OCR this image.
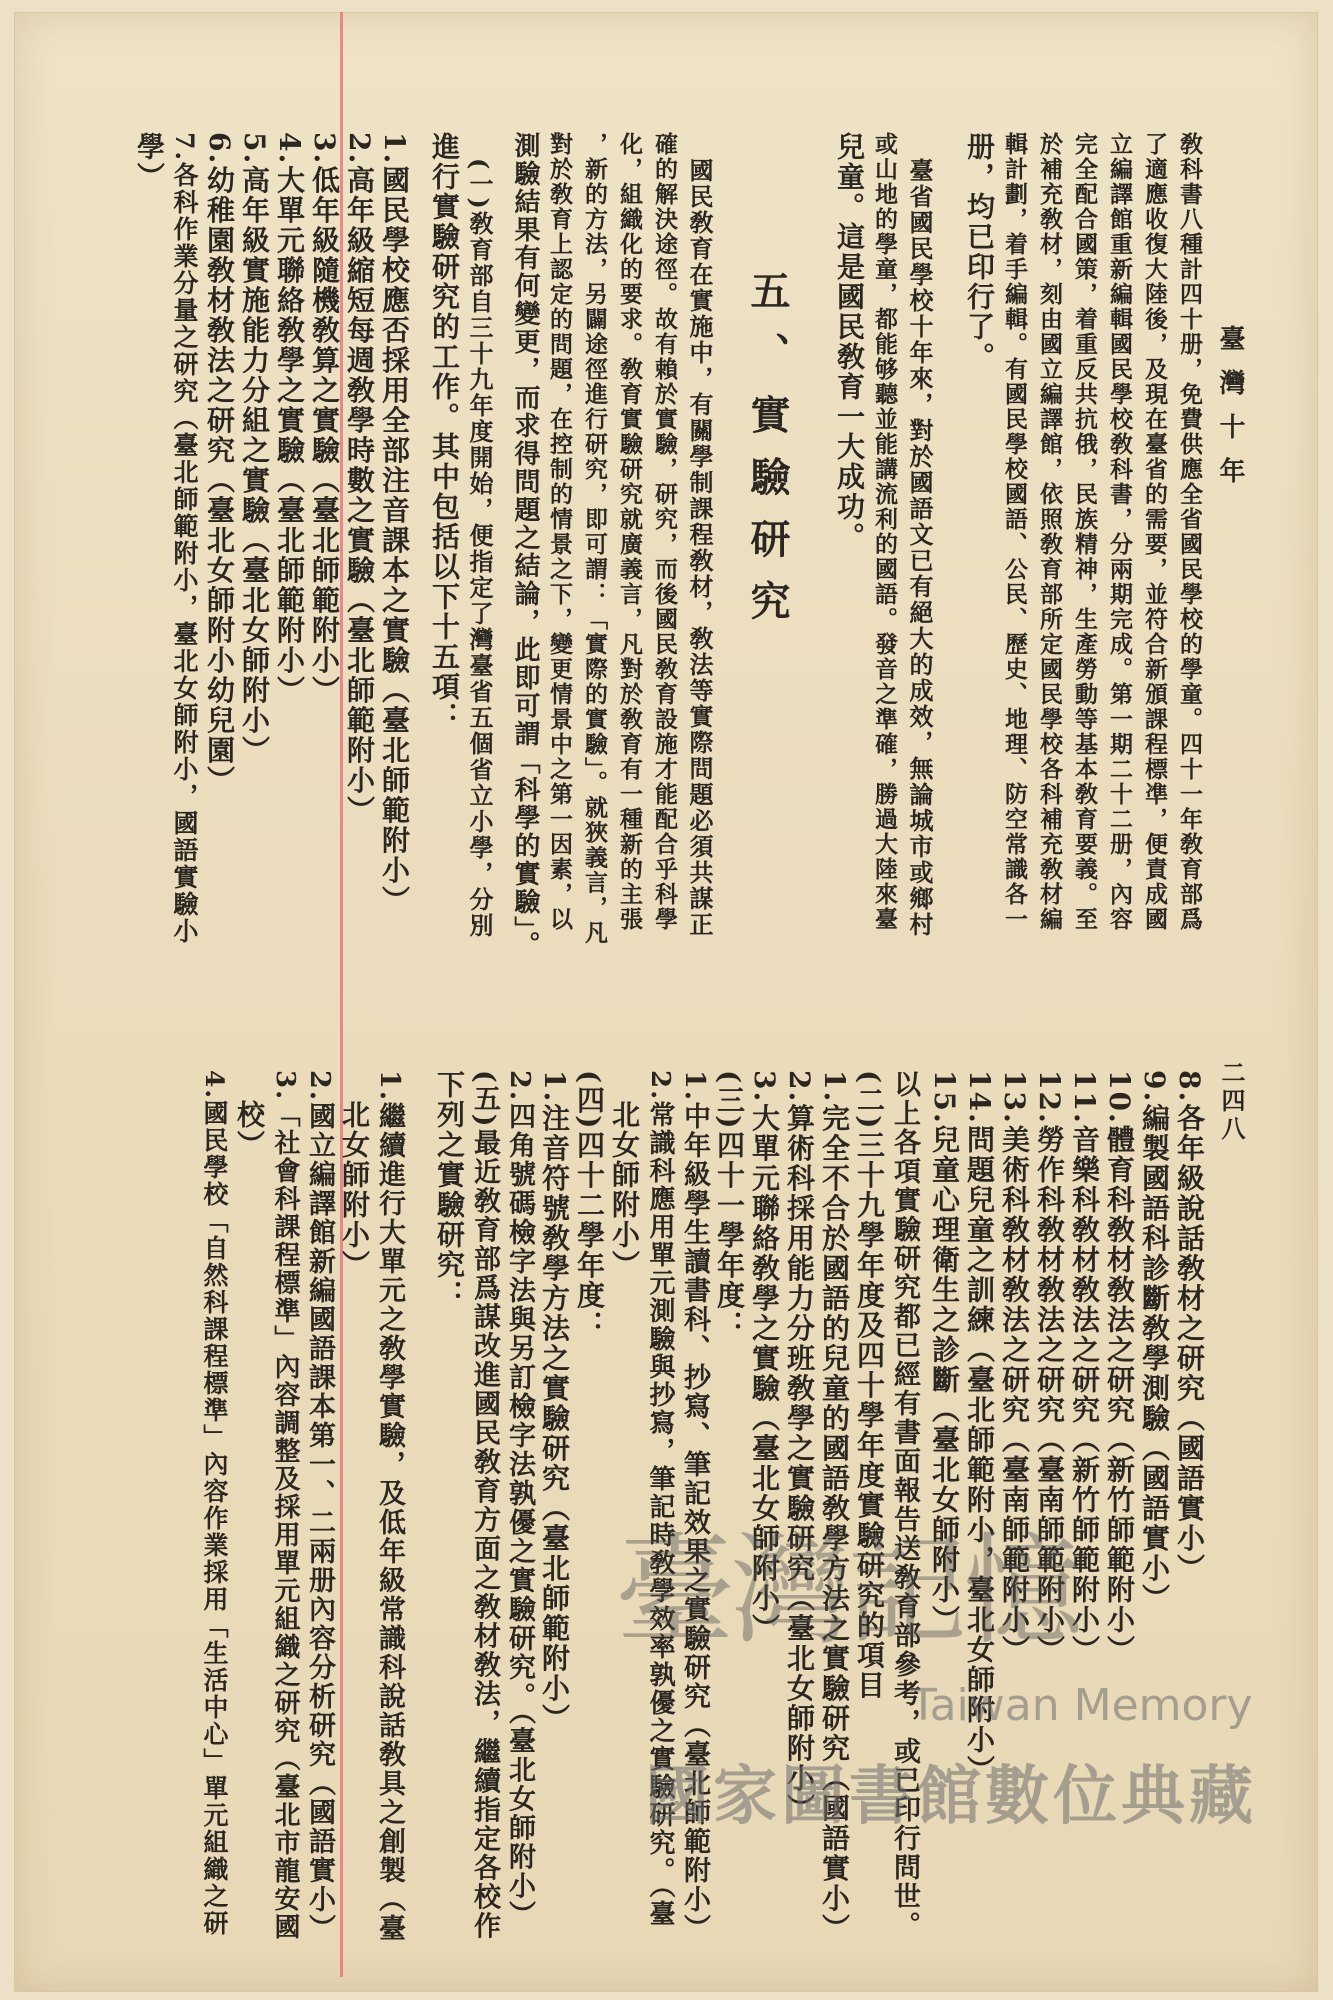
臺灣十年
二四八
五、實驗研究	敎科書八種計四十册，免費供應全省國民學校的學童。四十一年敎育部爲
了適應收復大陸後，及現在臺省的需要，並符合新頒課程標凖，便責成國
立編譯館重新編輯國民學校敎科書，分兩期完成。第一期二十二册，內容
完全配合國策，着重反共抗俄，民族精神，生產勞動等基本敎育要義。至
於補充敎材，刻由國立編譯館，依照敎育部所定國民學校各科補充敎材編
輯計劃，着手編輯。有國民學校國語、公民、歷史、地理、防空常識各一
册，均已印行了。
　臺省國民學校十年來，對於國語文已有絕大的成效，無論城市或鄉村
或山地的學童，都能够聽並能講流利的國語。發音之準確，勝過大陸來臺
兒童。這是國民敎育一大成功。
　國民敎育在實施中，有關學制課程敎材，敎法等實際問題必須共謀正
確的解決途徑。故有賴於實驗，研究，而後國民敎育設施才能配合乎科學
化，組織化的要求。敎育實驗研究就廣義言，凡對於敎育有一種新的主張
，新的方法，另闢途徑進行研究，即可謂：「實際的實驗」。就狹義言，凡
對於敎育上認定的問題，在控制的情景之下，變更情景中之第一因素，以
測驗結果有何變更，而求得問題之結論，此即可謂「科學的實驗」。
　(一)敎育部自三十九年度開始，便指定了灣臺省五個省立小學，分別
進行實驗研究的工作。其中包括以下十五項：
1.國民學校應否採用全部注音課本之實驗（臺北師範附小）
2.高年級縮短每週敎學時數之實驗（臺北師範附小）
3.低年級隨機敎算之實驗（臺北師範附小）
4.大單元聯絡敎學之實驗（臺北師範附小）
5.高年級實施能力分組之實驗（臺北女師附小）
6.幼稚園敎材敎法之研究（臺北女師附小幼兒園）
7.各科作業分量之研究（臺北師範附小，臺北女師附小，國語實驗小
學）
8.各年級說話敎材之研究（國語實小）
9.編製國語科診斷敎學測驗（國語實小）
10.體育科敎材敎法之研究（新竹師範附小）
11.音樂科敎材敎法之研究（新竹師範附小）
12.勞作科敎材敎法之研究（臺南師範附小）
13.美術科敎材敎法之研究（臺南師範附小）
14.問題兒童之訓練（臺北師範附小，臺北女師附小）
15.兒童心理衛生之診斷（臺北女師附小）
以上各項實驗研究都已經有書面報告送敎育部參考，或已印行問世。
(二)三十九學年度及四十學年度實驗研究的項目
1.完全不合於國語的兒童的國語敎學方法之實驗研究（國語實小）
2.算術科採用能力分班敎學之實驗研究（臺北女師附小）
3.大單元聯絡敎學之實驗（臺北女師附小）
(三)四十一學年度：
1.中年級學生讀書科、抄寫、筆記效果之實驗研究（臺北師範附小）
2.常識科應用單元測驗與抄寫，筆記時敎學效率孰優之實驗研究。（臺
　北女師附小）
(四)四十二學年度：
1.注音符號敎學方法之實驗研究（臺北師範附小）
2.四角號碼檢字法與另訂檢字法孰優之實驗研究。（臺北女師附小）
(五)最近敎育部爲謀改進國民敎育方面之敎材敎法，繼續指定各校作
下列之實驗研究：
1.繼續進行大單元之敎學實驗，及低年級常識科說話敎具之創製（臺
　北女師附小）
2.國立編譯館新編國語課本第一、二兩册內容分析研究（國語實小）
3.「社會科課程標準」內容調整及採用單元組織之研究（臺北市龍安國
　校）
4.國民學校「自然科課程標準」內容作業採用「生活中心」單元組織之研	臺灣記憶
Taiwan Memory
國家圖書館數位典藏
